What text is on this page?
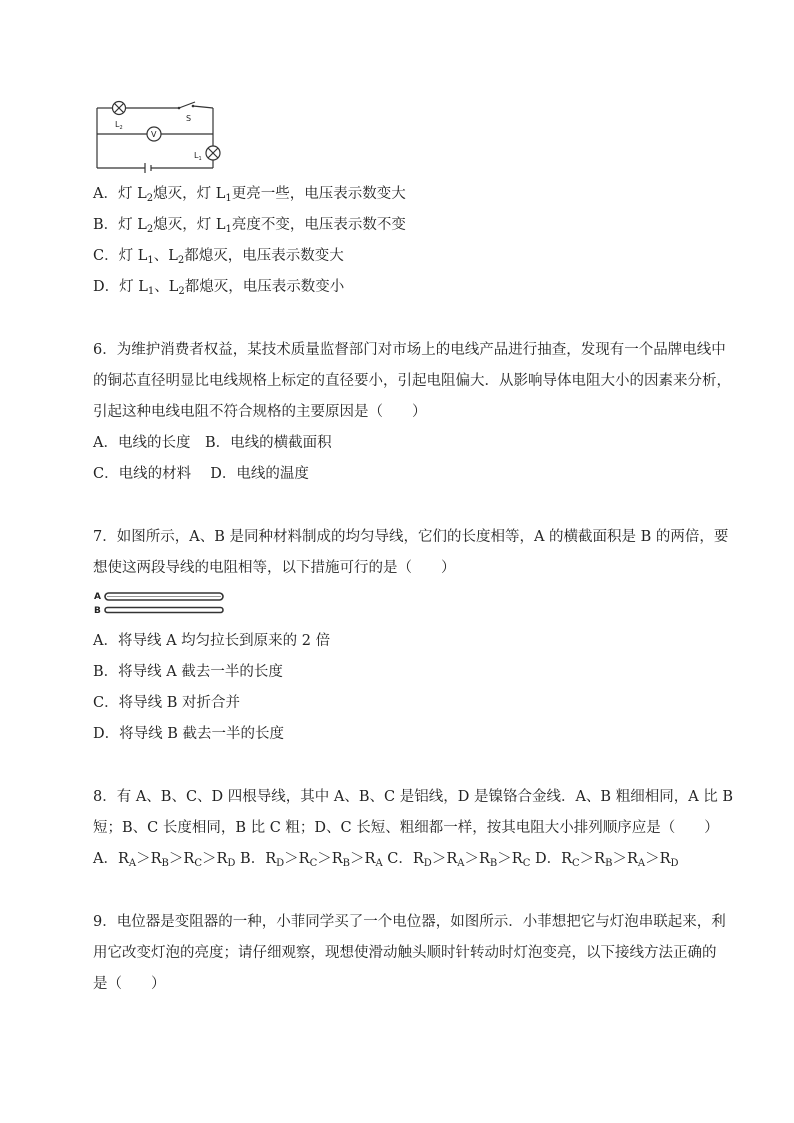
$L_2$
S
V
$L_1$
A．灯 $L_2$熄灭，灯 $L_1$更亮一些，电压表示数变大
B．灯 $L_2$熄灭，灯 $L_1$亮度不变，电压表示数不变
C．灯 $L_1$、$L_2$都熄灭，电压表示数变大
D．灯 $L_1$、$L_2$都熄灭，电压表示数变小
6．为维护消费者权益，某技术质量监督部门对市场上的电线产品进行抽查，发现有一个品牌电线中
的铜芯直径明显比电线规格上标定的直径要小，引起电阻偏大．从影响导体电阻大小的因素来分析，
引起这种电线电阻不符合规格的主要原因是（　　）
A．电线的长度　B．电线的横截面积
C．电线的材料　 D．电线的温度
7．如图所示，A、B 是同种材料制成的均匀导线，它们的长度相等，A 的横截面积是 B 的两倍，要
想使这两段导线的电阻相等，以下措施可行的是（　　）
A
B
A．将导线 A 均匀拉长到原来的 2 倍
B．将导线 A 截去一半的长度
C．将导线 B 对折合并
D．将导线 B 截去一半的长度
8．有 A、B、C、D 四根导线，其中 A、B、C 是铝线，D 是镍铬合金线．A、B 粗细相同，A 比 B
短；B、C 长度相同，B 比 C 粗；D、C 长短、粗细都一样，按其电阻大小排列顺序应是（　　）
A．$R_A>R_B>R_C>R_D$ B．$R_D>R_C>R_B>R_A$ C．$R_D>R_A>R_B>R_C$ D．$R_C>R_B>R_A>R_D$
9．电位器是变阻器的一种，小菲同学买了一个电位器，如图所示．小菲想把它与灯泡串联起来，利
用它改变灯泡的亮度；请仔细观察，现想使滑动触头顺时针转动时灯泡变亮，以下接线方法正确的
是（　　）
